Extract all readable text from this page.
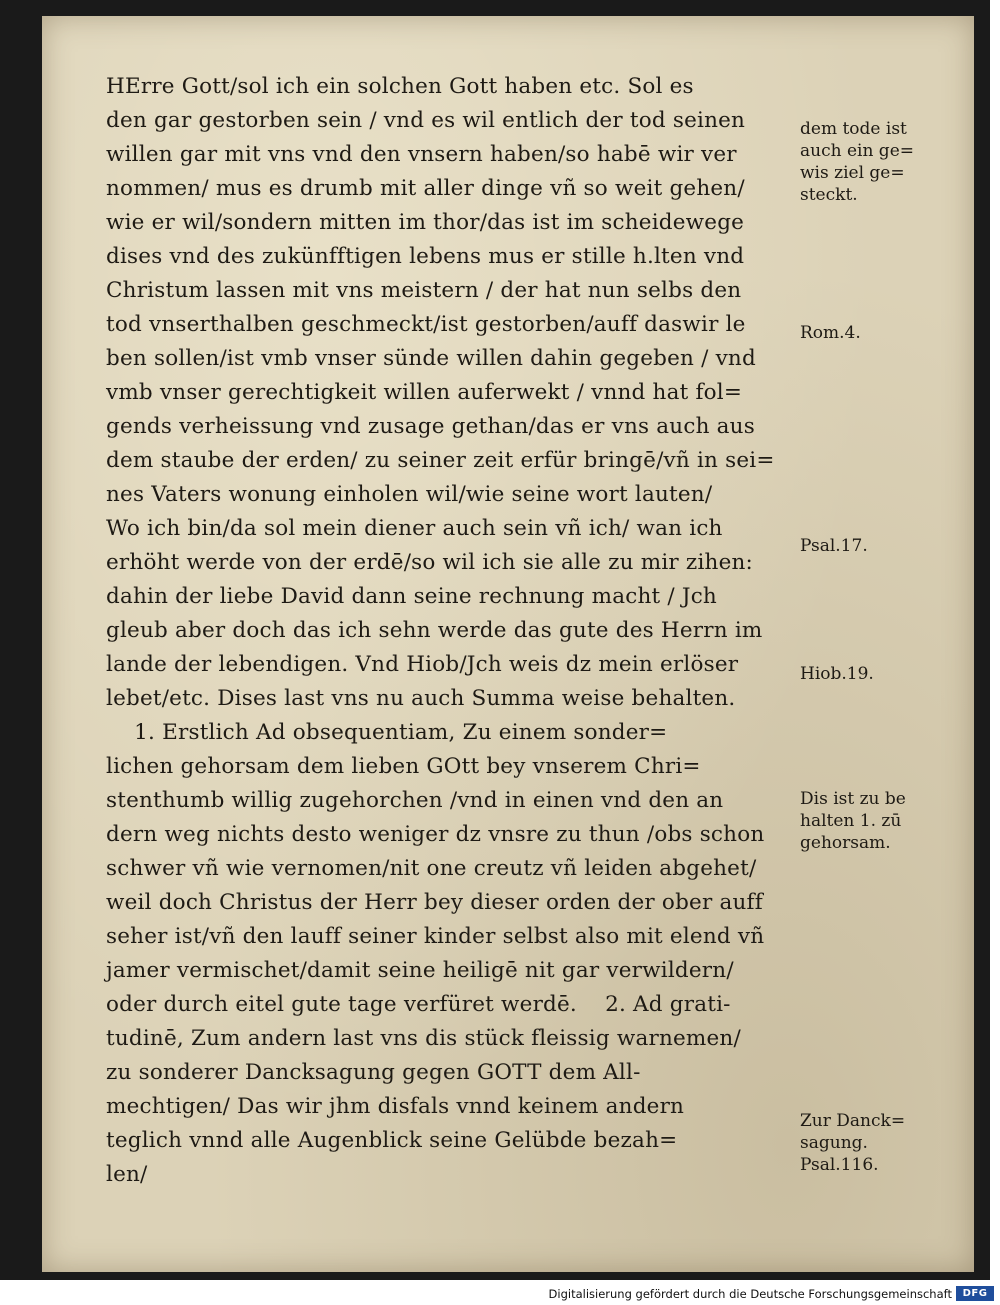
HErre Gott/sol ich ein solchen Gott haben etc. Sol es
den gar gestorben sein / vnd es wil entlich der tod seinen
willen gar mit vns vnd den vnsern haben/so habē wir ver
nommen/ mus es drumb mit aller dinge vñ so weit gehen/
wie er wil/sondern mitten im thor/das ist im scheidewege
dises vnd des zukünfftigen lebens mus er stille h.lten vnd
Christum lassen mit vns meistern / der hat nun selbs den
tod vnserthalben geschmeckt/ist gestorben/auff daswir le
ben sollen/ist vmb vnser sünde willen dahin gegeben / vnd
vmb vnser gerechtigkeit willen auferwekt / vnnd hat fol=
gends verheissung vnd zusage gethan/das er vns auch aus
dem staube der erden/ zu seiner zeit erfür bringē/vñ in sei=
nes Vaters wonung einholen wil/wie seine wort lauten/
Wo ich bin/da sol mein diener auch sein vñ ich/ wan ich
erhöht werde von der erdē/so wil ich sie alle zu mir zihen:
dahin der liebe David dann seine rechnung macht / Jch
gleub aber doch das ich sehn werde das gute des Herrn im
lande der lebendigen. Vnd Hiob/Jch weis dz mein erlöser
lebet/etc. Dises last vns nu auch Summa weise behalten.
1. Erstlich Ad obsequentiam, Zu einem sonder=
lichen gehorsam dem lieben GOtt bey vnserem Chri=
stenthumb willig zugehorchen /vnd in einen vnd den an
dern weg nichts desto weniger dz vnsre zu thun /obs schon
schwer vñ wie vernomen/nit one creutz vñ leiden abgehet/
weil doch Christus der Herr bey dieser orden der ober auff
seher ist/vñ den lauff seiner kinder selbst also mit elend vñ
jamer vermischet/damit seine heiligē nit gar verwildern/
oder durch eitel gute tage verfüret werdē.    2. Ad grati-
tudinē, Zum andern last vns dis stück fleissig warnemen/
zu sonderer Dancksagung gegen GOTT dem All-
mechtigen/ Das wir jhm disfals vnnd keinem andern
teglich vnnd alle Augenblick seine Gelübde bezah=
len/
dem tode ist
auch ein ge=
wis ziel ge=
steckt.
Rom.4.
Psal.17.
Hiob.19.
Dis ist zu be
halten 1. zū
gehorsam.
Zur Danck=
sagung.
Psal.116.
Digitalisierung gefördert durch die Deutsche Forschungsgemeinschaft	DFG
